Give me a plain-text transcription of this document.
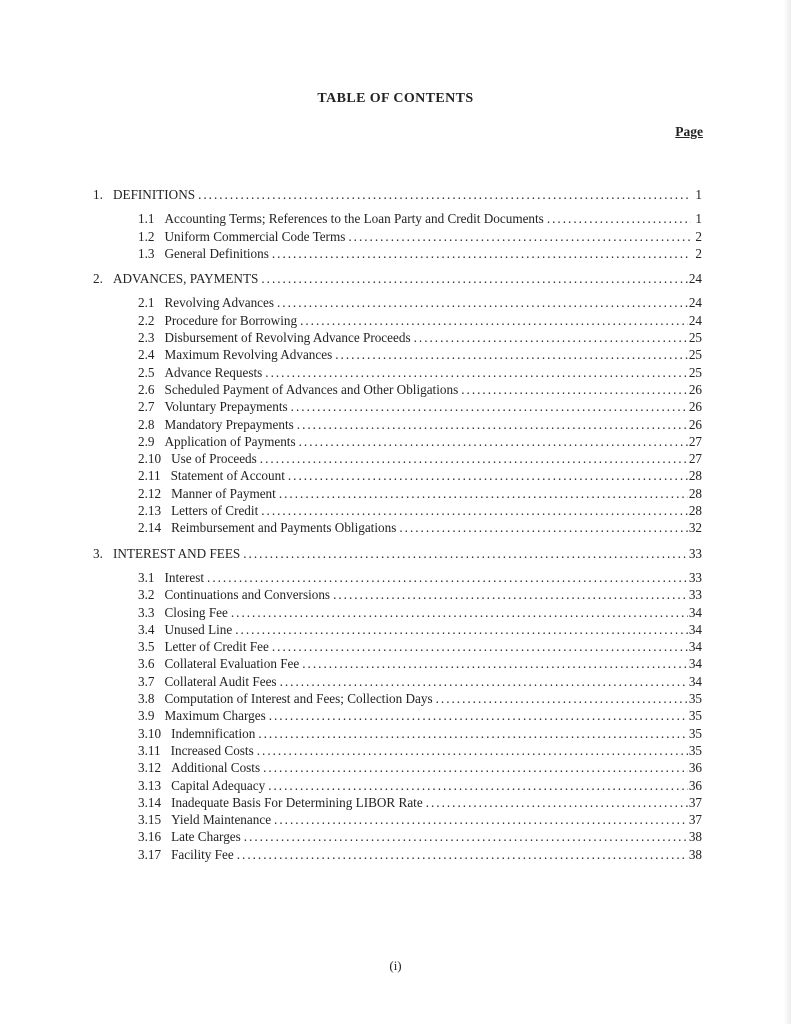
TABLE OF CONTENTS
Page
1. DEFINITIONS .....	1
1.1 Accounting Terms; References to the Loan Party and Credit Documents .....	1
1.2 Uniform Commercial Code Terms .....	2
1.3 General Definitions .....	2
2. ADVANCES, PAYMENTS .....	24
2.1 Revolving Advances .....	24
2.2 Procedure for Borrowing .....	24
2.3 Disbursement of Revolving Advance Proceeds .....	25
2.4 Maximum Revolving Advances .....	25
2.5 Advance Requests .....	25
2.6 Scheduled Payment of Advances and Other Obligations .....	26
2.7 Voluntary Prepayments .....	26
2.8 Mandatory Prepayments .....	26
2.9 Application of Payments .....	27
2.10 Use of Proceeds .....	27
2.11 Statement of Account .....	28
2.12 Manner of Payment .....	28
2.13 Letters of Credit .....	28
2.14 Reimbursement and Payments Obligations .....	32
3. INTEREST AND FEES .....	33
3.1 Interest .....	33
3.2 Continuations and Conversions .....	33
3.3 Closing Fee .....	34
3.4 Unused Line .....	34
3.5 Letter of Credit Fee .....	34
3.6 Collateral Evaluation Fee .....	34
3.7 Collateral Audit Fees .....	34
3.8 Computation of Interest and Fees; Collection Days .....	35
3.9 Maximum Charges .....	35
3.10 Indemnification .....	35
3.11 Increased Costs .....	35
3.12 Additional Costs .....	36
3.13 Capital Adequacy .....	36
3.14 Inadequate Basis For Determining LIBOR Rate .....	37
3.15 Yield Maintenance .....	37
3.16 Late Charges .....	38
3.17 Facility Fee .....	38
(i)
